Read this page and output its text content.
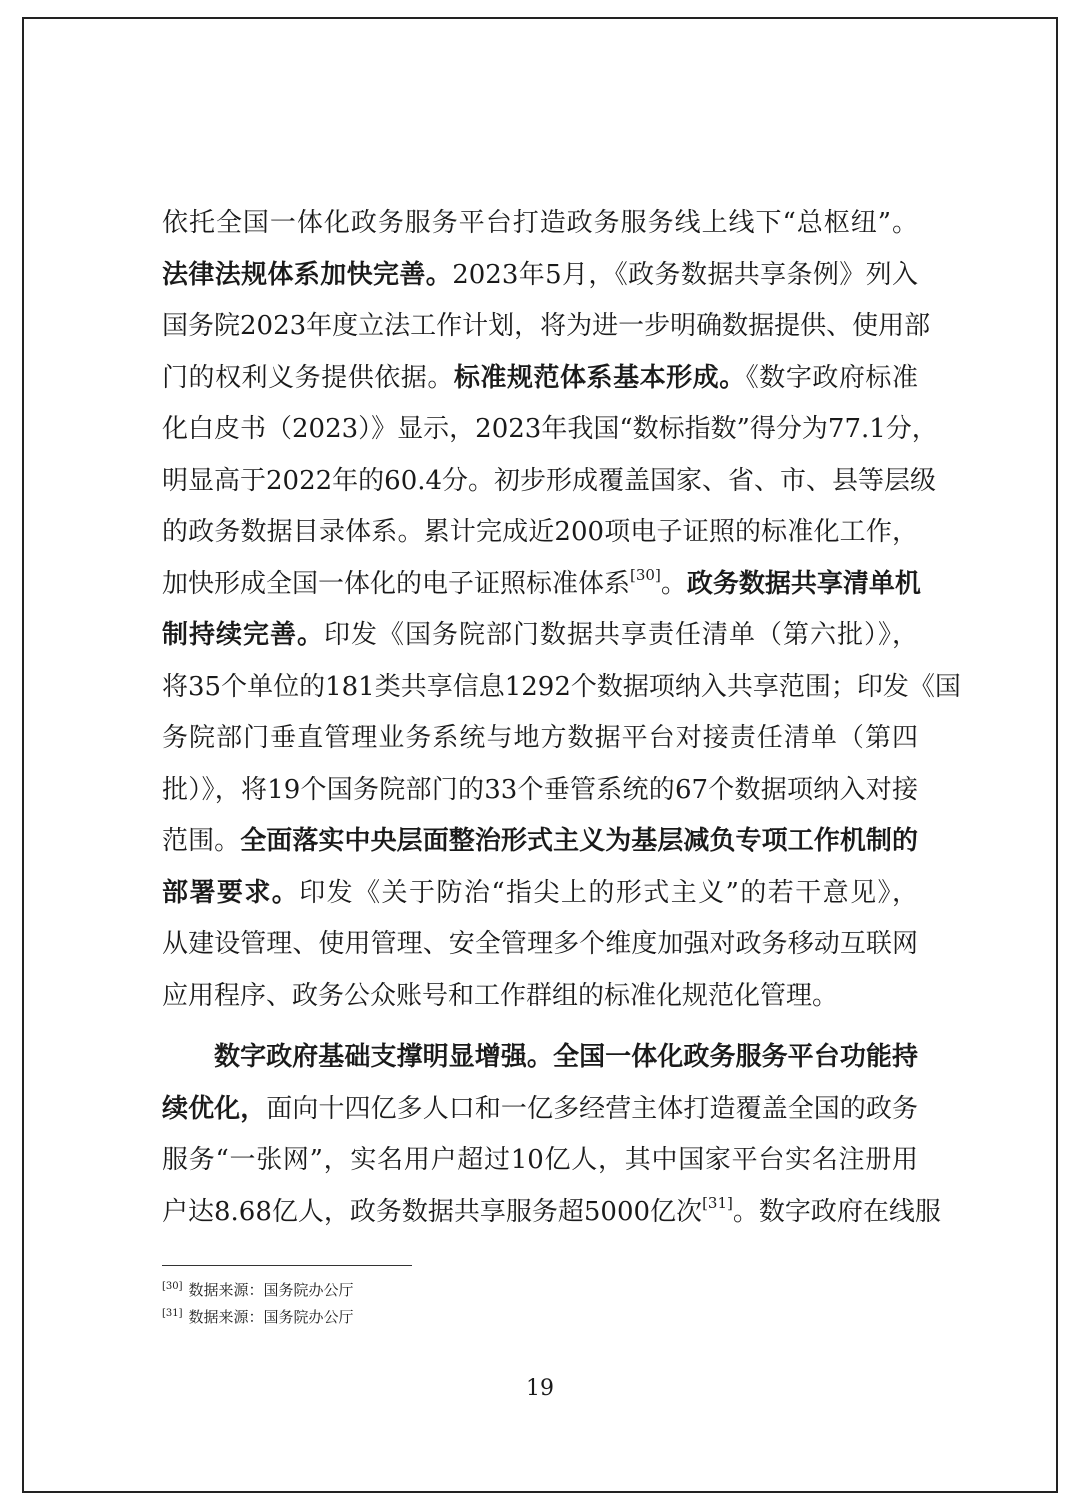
依托全国一体化政务服务平台打造政务服务线上线下“总枢纽”。
法律法规体系加快完善。2023年5月，《政务数据共享条例》列入
国务院2023年度立法工作计划，将为进一步明确数据提供、使用部
门的权利义务提供依据。标准规范体系基本形成。《数字政府标准
化白皮书（2023）》显示，2023年我国“数标指数”得分为77.1分，
明显高于2022年的60.4分。初步形成覆盖国家、省、市、县等层级
的政务数据目录体系。累计完成近200项电子证照的标准化工作，
加快形成全国一体化的电子证照标准体系[30]。政务数据共享清单机
制持续完善。印发《国务院部门数据共享责任清单（第六批）》，
将35个单位的181类共享信息1292个数据项纳入共享范围；印发《国
务院部门垂直管理业务系统与地方数据平台对接责任清单（第四
批）》，将19个国务院部门的33个垂管系统的67个数据项纳入对接
范围。全面落实中央层面整治形式主义为基层减负专项工作机制的
部署要求。印发《关于防治“指尖上的形式主义”的若干意见》，
从建设管理、使用管理、安全管理多个维度加强对政务移动互联网
应用程序、政务公众账号和工作群组的标准化规范化管理。
数字政府基础支撑明显增强。全国一体化政务服务平台功能持
续优化，面向十四亿多人口和一亿多经营主体打造覆盖全国的政务
服务“一张网”，实名用户超过10亿人，其中国家平台实名注册用
户达8.68亿人，政务数据共享服务超5000亿次[31]。数字政府在线服
[30] 数据来源：国务院办公厅
[31] 数据来源：国务院办公厅
19
